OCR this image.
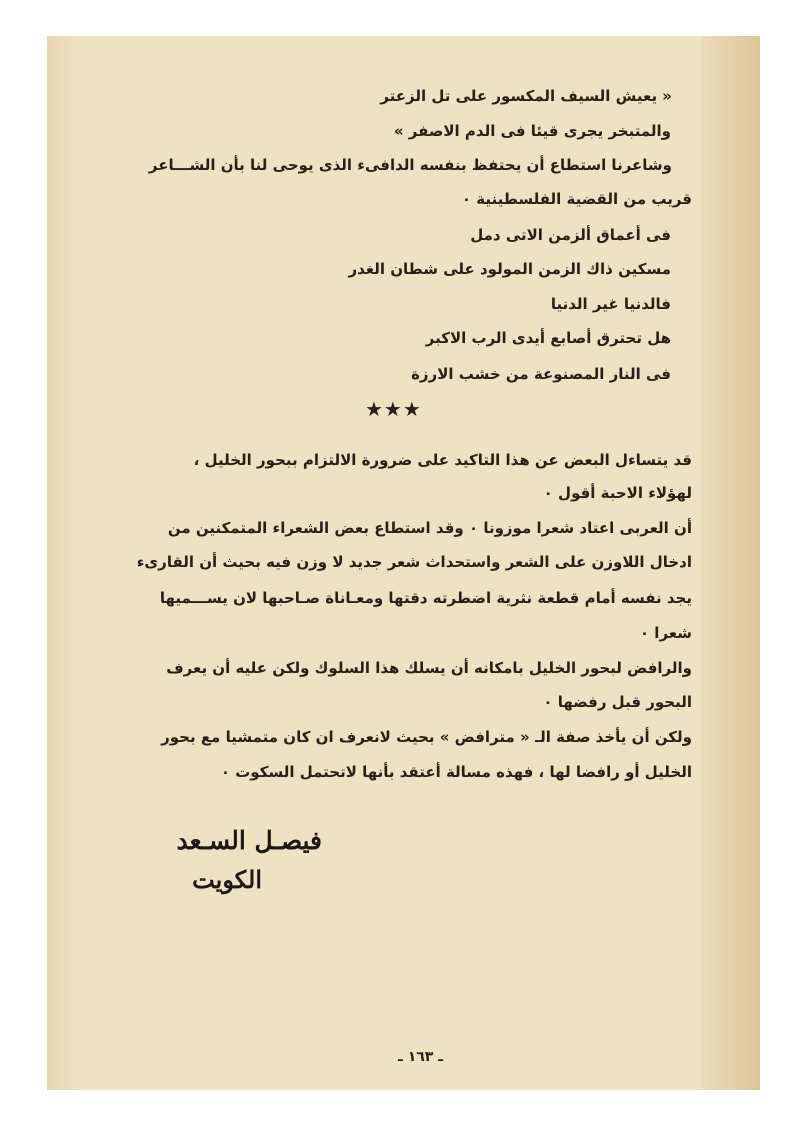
« يعيش السيف المكسور على تل الزعتر
والمتبخر يجرى قيئا فى الدم الاصفر »
وشاعرنا استطاع أن يحتفظ بنفسه الدافىء الذى يوحى لنا بأن الشـــاعر
قريب من القضية الفلسطينية ٠
فى أعماق ألزمن الاتى دمل
مسكين ذاك الزمن المولود على شطان الغدر
فالدنيا غير الدنيا
هل تحترق أصابع أيدى الرب الاكبر
فى النار المصنوعة من خشب الارزة
★★★
قد يتساءل البعض عن هذا التاكيد على ضرورة الالتزام ببحور الخليل ،
لهؤلاء الاحبة أقول ٠
أن العربى اعتاد شعرا موزونا ٠ وقد استطاع بعض الشعراء المتمكنين من
ادخال اللاوزن على الشعر واستحداث شعر جديد لا وزن فيه بحيث أن القارىء
يجد نفسه أمام قطعة نثرية اضطرته دقتها ومعـاناة صـاحبها لان يســـميها
شعرا ٠
والرافض لبحور الخليل بامكانه أن يسلك هذا السلوك ولكن عليه أن يعرف
البحور قبل رفضها ٠
ولكن أن يأخذ صفة الـ « مترافض » بحيث لانعرف ان كان متمشيا مع بحور
الخليل أو رافضا لها ، فهذه مسالة أعتقد بأنها لاتحتمل السكوت ٠
فيصـل السـعد
الكويت
ـ ١٦٣ ـ
